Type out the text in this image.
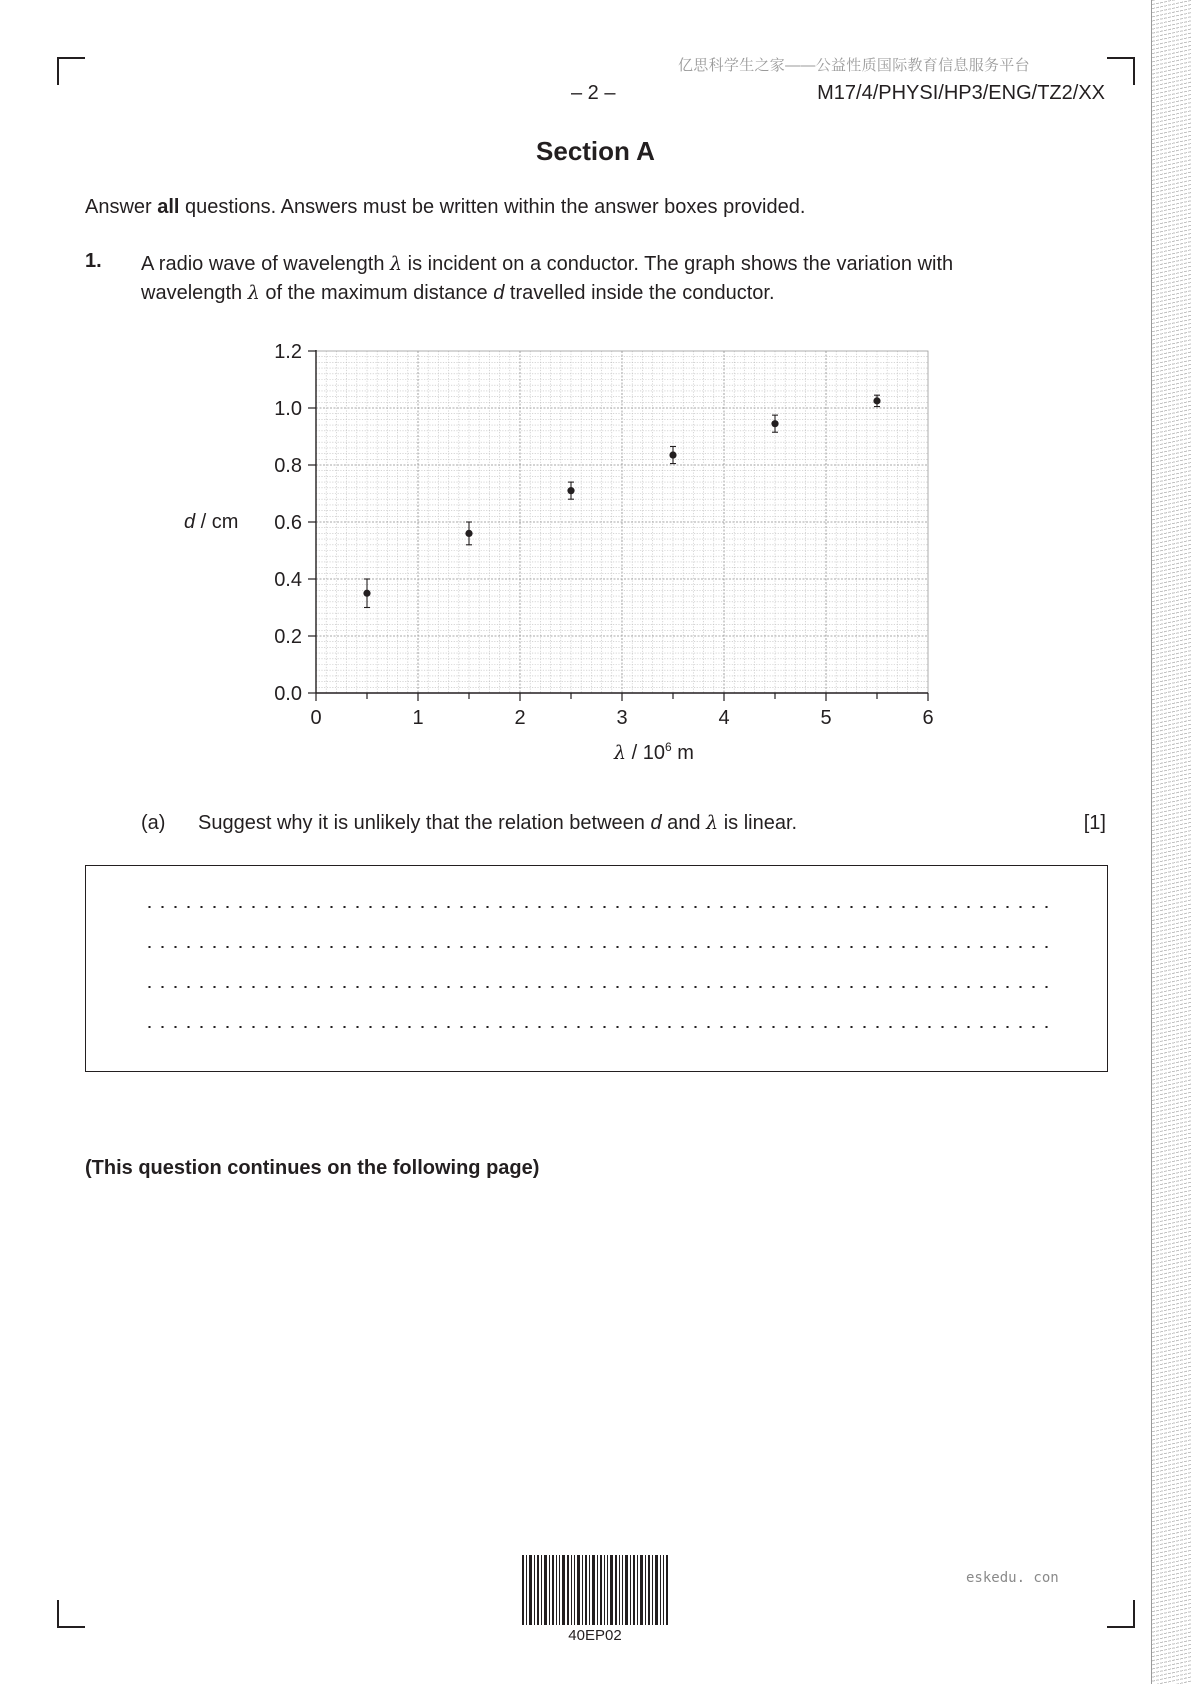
亿思科学生之家——公益性质国际教育信息服务平台
– 2 –	M17/4/PHYSI/HP3/ENG/TZ2/XX
Section A
Answer all questions. Answers must be written within the answer boxes provided.
1. A radio wave of wavelength λ is incident on a conductor. The graph shows the variation with
wavelength λ of the maximum distance d travelled inside the conductor.
0.0
0.2
0.4
0.6
0.8
1.0
1.2
0	1	2	3	4	5	6
d / cm
λ / $10^6$ m
(a) Suggest why it is unlikely that the relation between d and λ is linear.	[1]
(This question continues on the following page)
40EP02
eskedu. con
